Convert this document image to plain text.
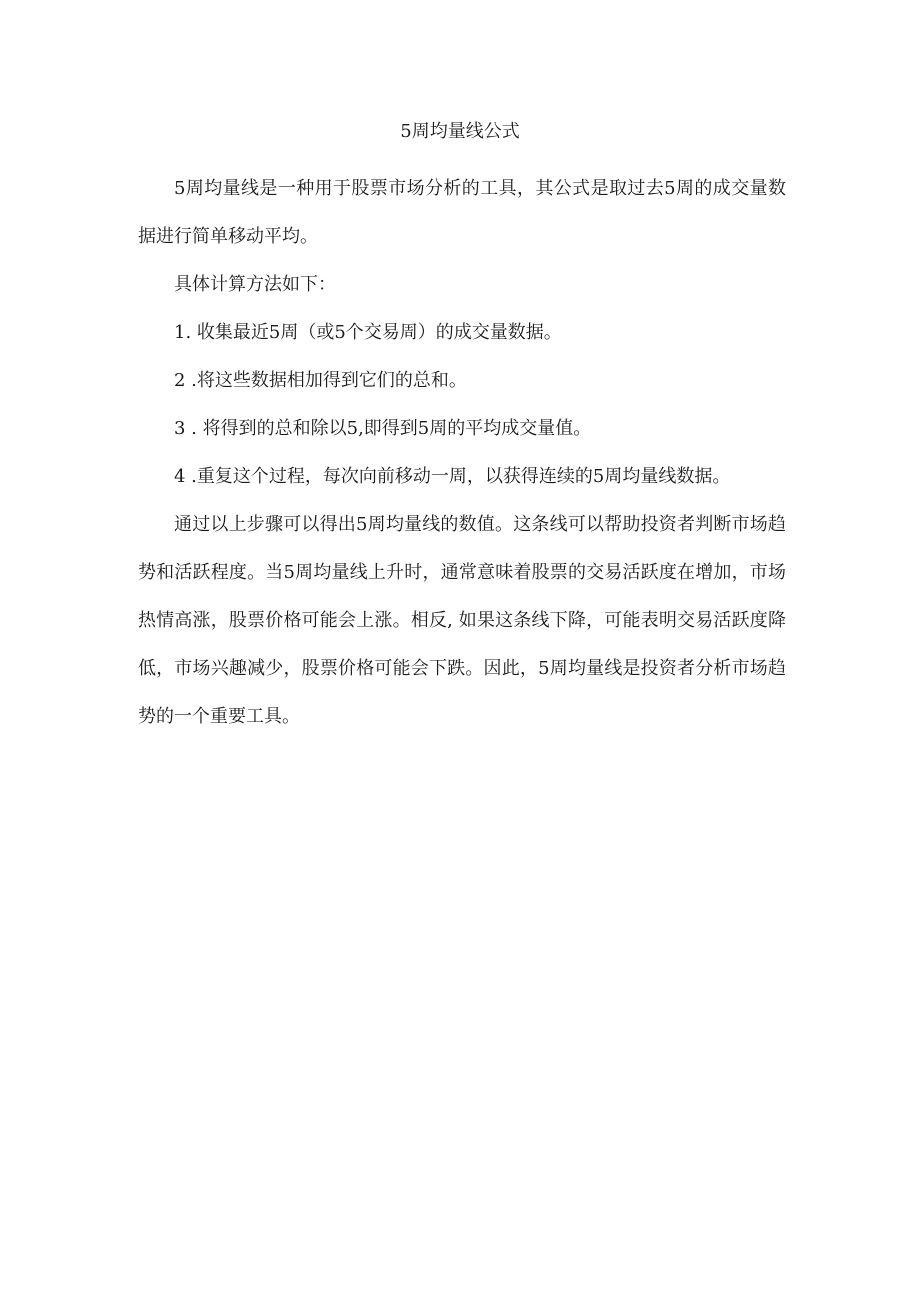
5周均量线公式

5周均量线是一种用于股票市场分析的工具，其公式是取过去5周的成交量数据进行简单移动平均。

具体计算方法如下：

1. 收集最近5周（或5个交易周）的成交量数据。

2 .将这些数据相加得到它们的总和。

3 . 将得到的总和除以5,即得到5周的平均成交量值。

4 .重复这个过程，每次向前移动一周，以获得连续的5周均量线数据。

通过以上步骤可以得出5周均量线的数值。这条线可以帮助投资者判断市场趋势和活跃程度。当5周均量线上升时，通常意味着股票的交易活跃度在增加，市场热情高涨，股票价格可能会上涨。相反, 如果这条线下降，可能表明交易活跃度降低，市场兴趣减少，股票价格可能会下跌。因此，5周均量线是投资者分析市场趋势的一个重要工具。
